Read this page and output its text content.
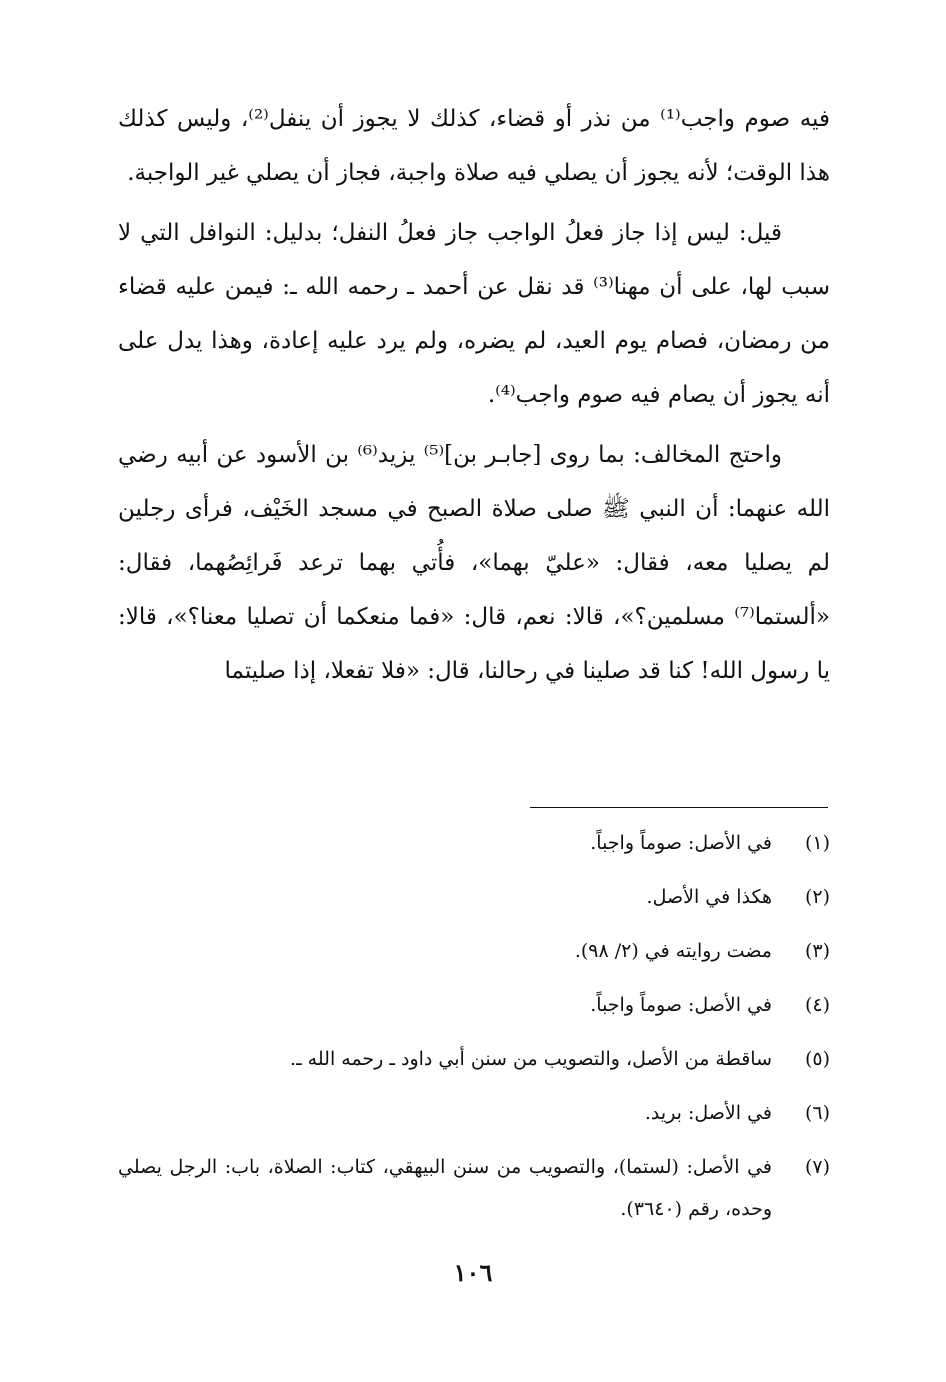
فيه صوم واجب⁽¹⁾ من نذر أو قضاء، كذلك لا يجوز أن ينفل⁽²⁾، وليس كذلك هذا الوقت؛ لأنه يجوز أن يصلي فيه صلاة واجبة، فجاز أن يصلي غير الواجبة.

قيل: ليس إذا جاز فعلُ الواجب جاز فعلُ النفل؛ بدليل: النوافل التي لا سبب لها، على أن مهنا⁽³⁾ قد نقل عن أحمد ـ رحمه الله ـ: فيمن عليه قضاء من رمضان، فصام يوم العيد، لم يضره، ولم يرد عليه إعادة، وهذا يدل على أنه يجوز أن يصام فيه صوم واجب⁽⁴⁾.

واحتج المخالف: بما روى [جابـر بن]⁽⁵⁾ يزيد⁽⁶⁾ بن الأسود عن أبيه رضي الله عنهما: أن النبي ﷺ صلى صلاة الصبح في مسجد الخَيْف، فرأى رجلين لم يصليا معه، فقال: «عليّ بهما»، فأُتي بهما ترعد فَرائِصُهما، فقال: «ألستما⁽⁷⁾ مسلمين؟»، قالا: نعم، قال: «فما منعكما أن تصليا معنا؟»، قالا: يا رسول الله! كنا قد صلينا في رحالنا، قال: «فلا تفعلا، إذا صليتما

(١)
في الأصل: صوماً واجباً.
(٢)
هكذا في الأصل.
(٣)
مضت روايته في (٢/ ٩٨).
(٤)
في الأصل: صوماً واجباً.
(٥)
ساقطة من الأصل، والتصويب من سنن أبي داود ـ رحمه الله ـ.
(٦)
في الأصل: بريد.
(٧)
في الأصل: (لستما)، والتصويب من سنن البيهقي، كتاب: الصلاة، باب: الرجل يصلي وحده، رقم (٣٦٤٠).
١٠٦
